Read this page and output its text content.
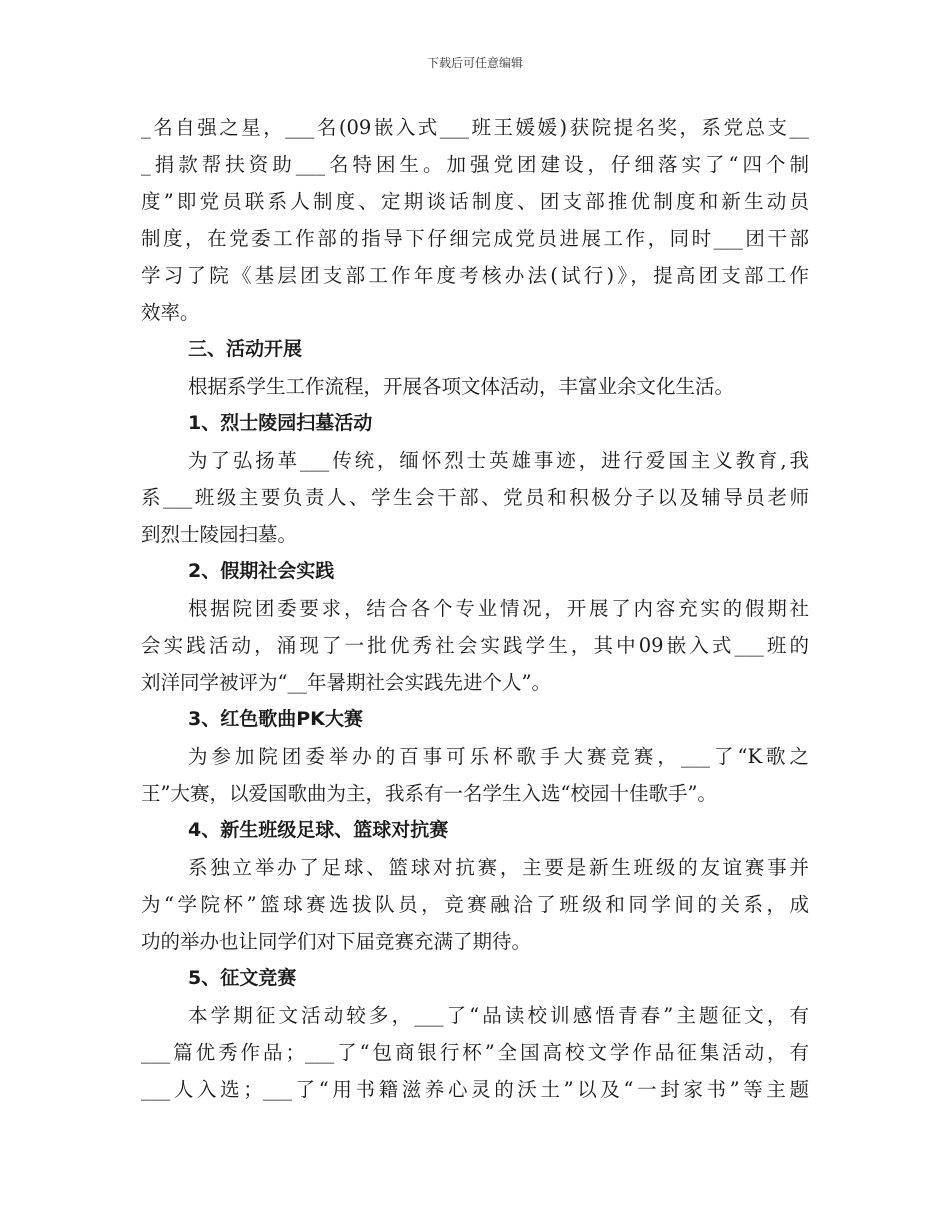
下载后可任意编辑
_名自强之星，___名(09嵌入式___班王媛媛)获院提名奖，系党总支__
_捐款帮扶资助___名特困生。加强党团建设，仔细落实了“四个制
度”即党员联系人制度、定期谈话制度、团支部推优制度和新生动员
制度，在党委工作部的指导下仔细完成党员进展工作，同时___团干部
学习了院《基层团支部工作年度考核办法(试行)》，提高团支部工作
效率。
三、活动开展
根据系学生工作流程，开展各项文体活动，丰富业余文化生活。
1、烈士陵园扫墓活动
为了弘扬革___传统，缅怀烈士英雄事迹，进行爱国主义教育,我
系___班级主要负责人、学生会干部、党员和积极分子以及辅导员老师
到烈士陵园扫墓。
2、假期社会实践
根据院团委要求，结合各个专业情况，开展了内容充实的假期社
会实践活动，涌现了一批优秀社会实践学生，其中09嵌入式___班的
刘洋同学被评为“__年暑期社会实践先进个人”。
3、红色歌曲PK大赛
为参加院团委举办的百事可乐杯歌手大赛竞赛，___了“K歌之
王”大赛，以爱国歌曲为主，我系有一名学生入选“校园十佳歌手”。
4、新生班级足球、篮球对抗赛
系独立举办了足球、篮球对抗赛，主要是新生班级的友谊赛事并
为“学院杯”篮球赛选拔队员，竞赛融洽了班级和同学间的关系，成
功的举办也让同学们对下届竞赛充满了期待。
5、征文竞赛
本学期征文活动较多，___了“品读校训感悟青春”主题征文，有
___篇优秀作品；___了“包商银行杯”全国高校文学作品征集活动，有
___人入选；___了“用书籍滋养心灵的沃土”以及“一封家书”等主题
